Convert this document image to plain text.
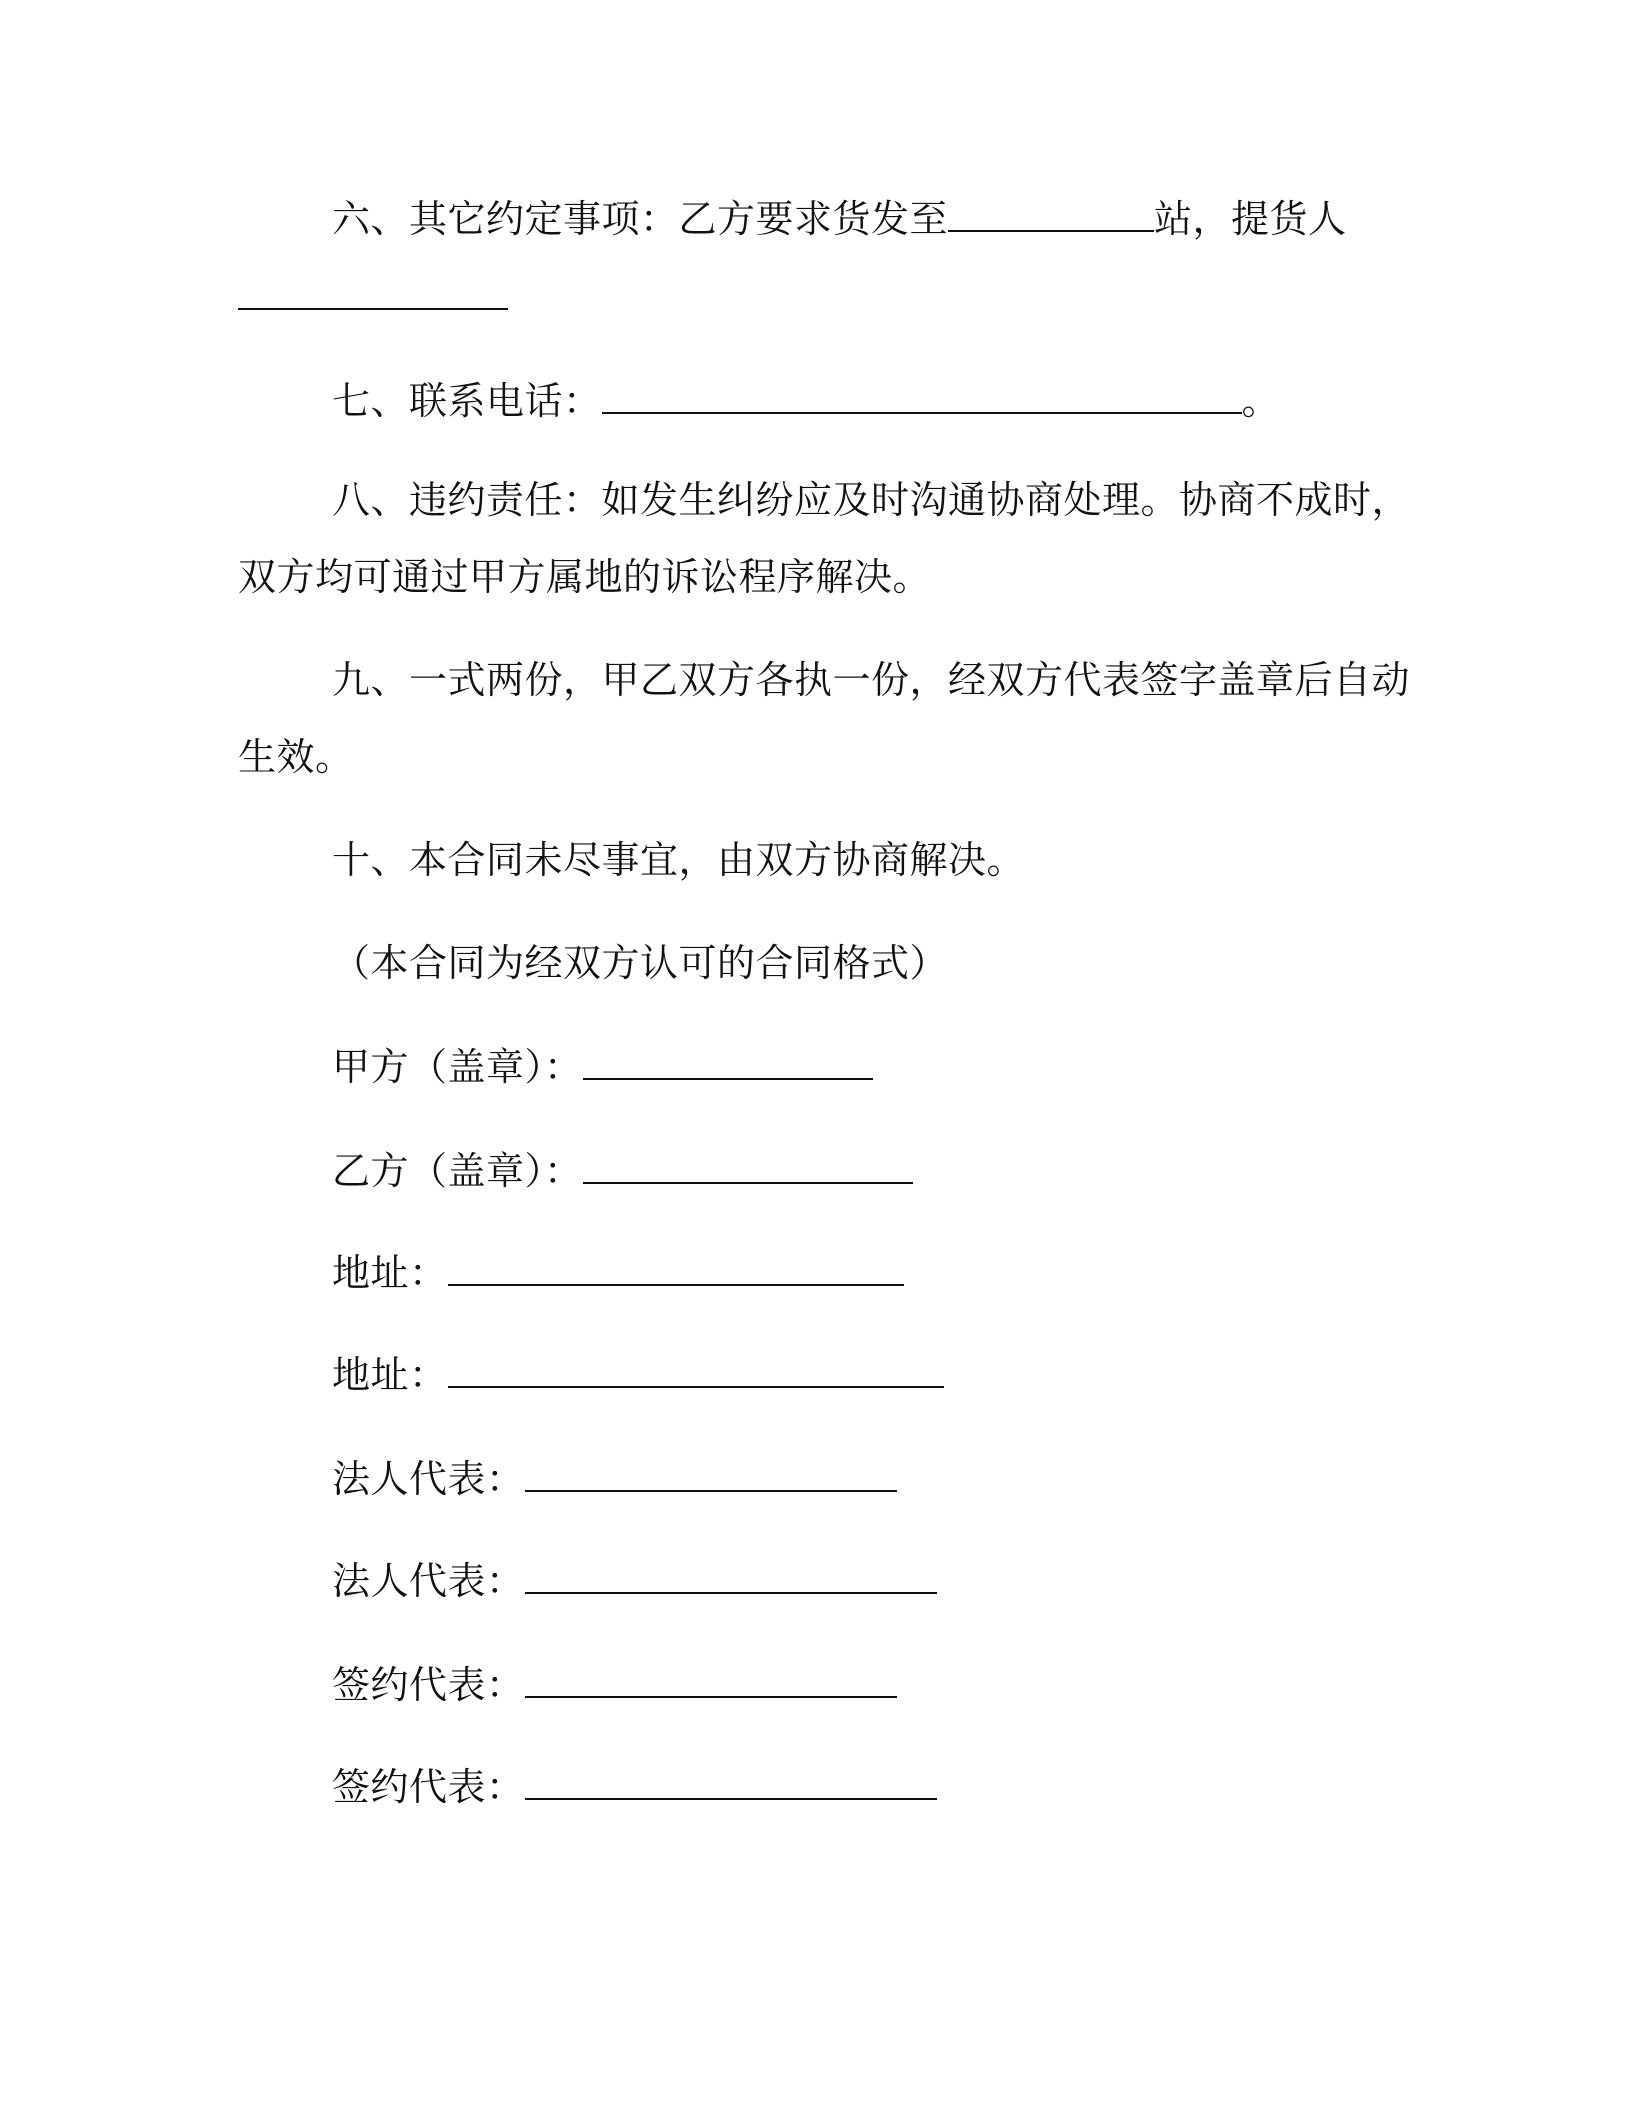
六、其它约定事项：乙方要求货发至	站，提货人
七、联系电话：	。
八、违约责任：如发生纠纷应及时沟通协商处理。协商不成时，
双方均可通过甲方属地的诉讼程序解决。
九、一式两份，甲乙双方各执一份，经双方代表签字盖章后自动
生效。
十、本合同未尽事宜，由双方协商解决。
（本合同为经双方认可的合同格式）
甲方（盖章）：
乙方（盖章）：
地址：
地址：
法人代表：
法人代表：
签约代表：
签约代表：
